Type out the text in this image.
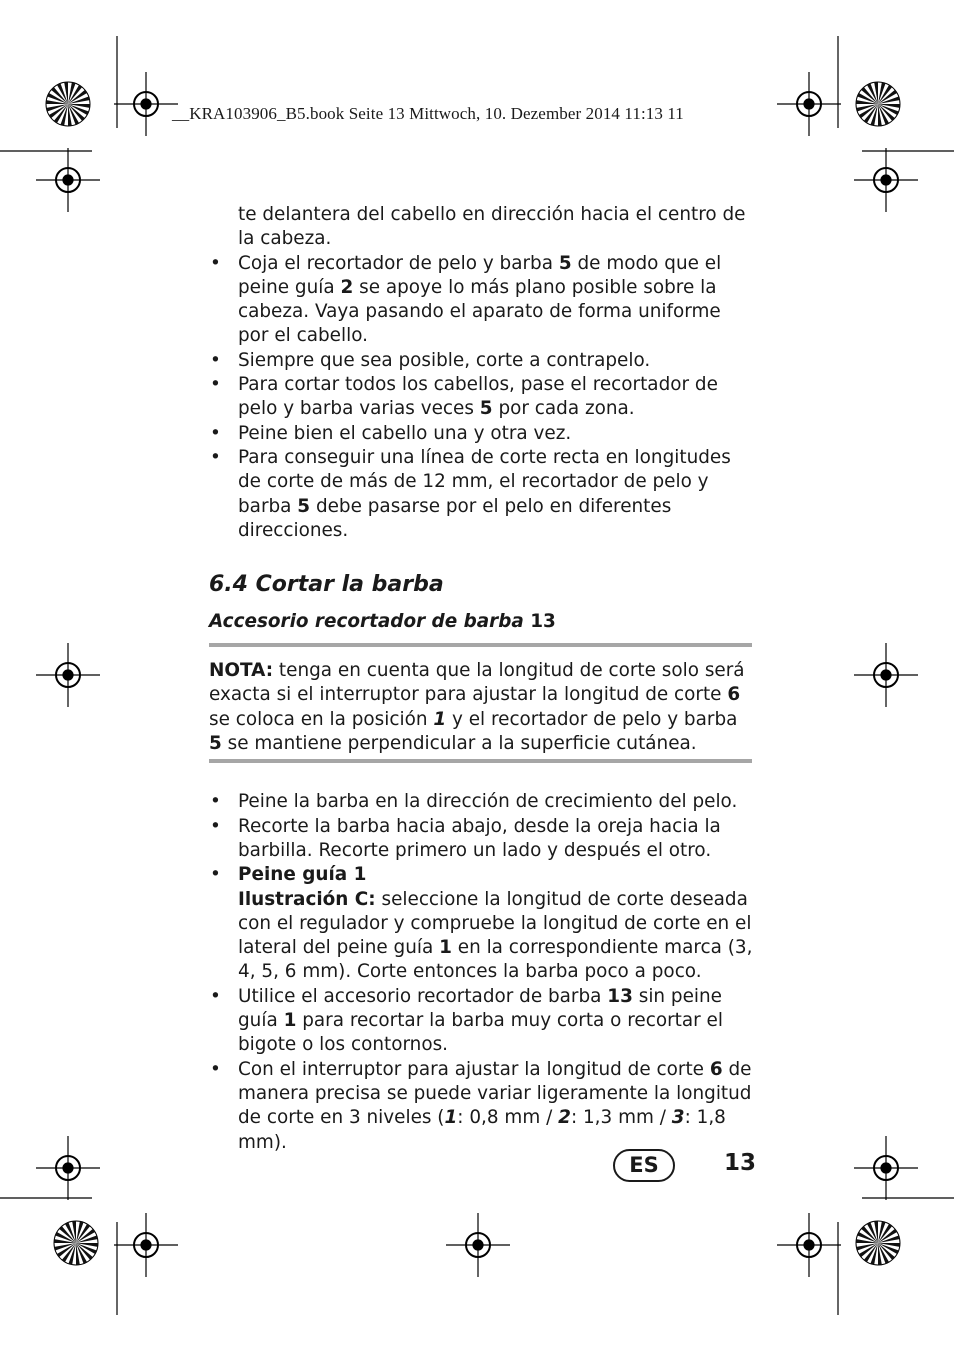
__KRA103906_B5.book Seite 13 Mittwoch, 10. Dezember 2014 11:13 11

te delantera del cabello en dirección hacia el centro de la cabeza.

• Coja el recortador de pelo y barba 5 de modo que el peine guía 2 se apoye lo más plano posible sobre la cabeza. Vaya pasando el aparato de forma uniforme por el cabello.
• Siempre que sea posible, corte a contrapelo.
• Para cortar todos los cabellos, pase el recortador de pelo y barba varias veces 5 por cada zona.
• Peine bien el cabello una y otra vez.
• Para conseguir una línea de corte recta en longitudes de corte de más de 12 mm, el recortador de pelo y barba 5 debe pasarse por el pelo en diferentes direcciones.
6.4 Cortar la barba
Accesorio recortador de barba 13
NOTA: tenga en cuenta que la longitud de corte solo será exacta si el interruptor para ajustar la longitud de corte 6 se coloca en la posición 1 y el recortador de pelo y barba 5 se mantiene perpendicular a la superficie cutánea.
• Peine la barba en la dirección de crecimiento del pelo.
• Recorte la barba hacia abajo, desde la oreja hacia la barbilla. Recorte primero un lado y después el otro.
• Peine guía 1
Ilustración C: seleccione la longitud de corte deseada con el regulador y compruebe la longitud de corte en el lateral del peine guía 1 en la correspondiente marca (3, 4, 5, 6 mm). Corte entonces la barba poco a poco.
• Utilice el accesorio recortador de barba 13 sin peine guía 1 para recortar la barba muy corta o recortar el bigote o los contornos.
• Con el interruptor para ajustar la longitud de corte 6 de manera precisa se puede variar ligeramente la longitud de corte en 3 niveles (1: 0,8 mm / 2: 1,3 mm / 3: 1,8 mm).
ES	13
